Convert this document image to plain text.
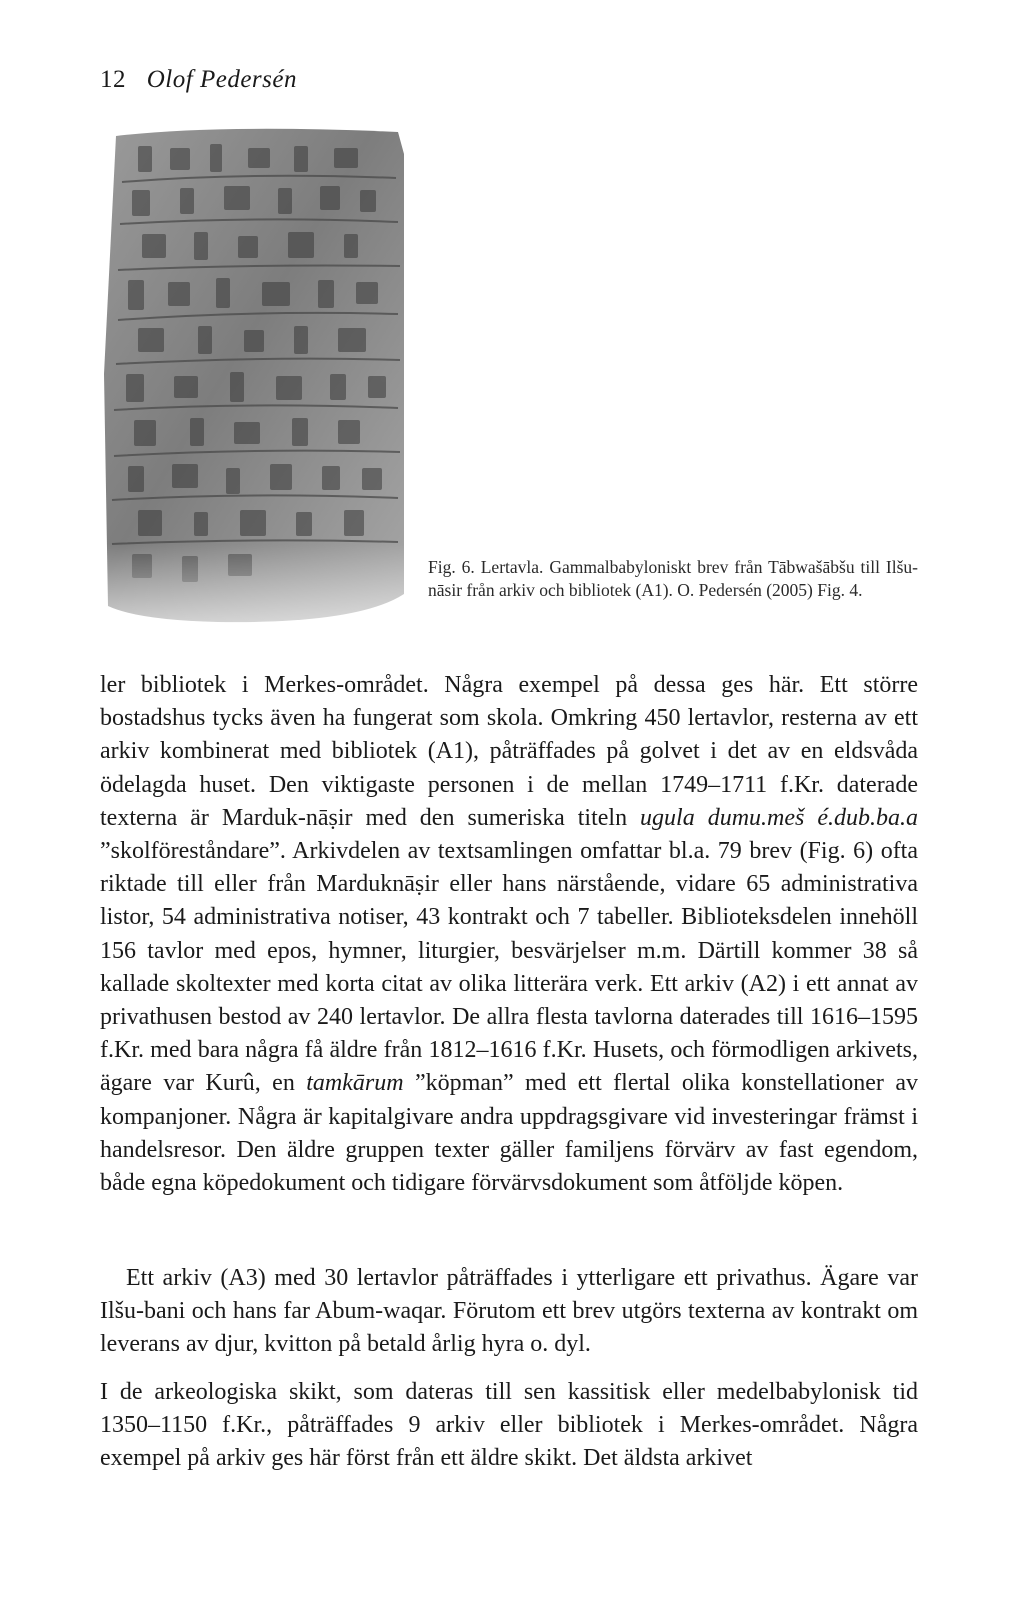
12 Olof Pedersén

Fig. 6. Lertavla. Gammalbabyloniskt brev från Tābwašābšu till Ilšu-nāsir från arkiv och bibliotek (A1). O. Pedersén (2005) Fig. 4.

ler bibliotek i Merkes-området. Några exempel på dessa ges här. Ett större bostadshus tycks även ha fungerat som skola. Omkring 450 lertavlor, resterna av ett arkiv kombinerat med bibliotek (A1), påträffades på golvet i det av en eldsvåda ödelagda huset. Den viktigaste personen i de mellan 1749–1711 f.Kr. daterade texterna är Marduk-nāṣir med den sumeriska titeln ugula dumu.meš é.dub.ba.a ”skolföreståndare”. Arkivdelen av textsamlingen omfattar bl.a. 79 brev (Fig. 6) ofta riktade till eller från Marduknāṣir eller hans närstående, vidare 65 administrativa listor, 54 administrativa notiser, 43 kontrakt och 7 tabeller. Biblioteksdelen innehöll 156 tavlor med epos, hymner, liturgier, besvärjelser m.m. Därtill kommer 38 så kallade skoltexter med korta citat av olika litterära verk. Ett arkiv (A2) i ett annat av privathusen bestod av 240 lertavlor. De allra flesta tavlorna daterades till 1616–1595 f.Kr. med bara några få äldre från 1812–1616 f.Kr. Husets, och förmodligen arkivets, ägare var Kurû, en tamkārum ”köpman” med ett flertal olika konstellationer av kompanjoner. Några är kapitalgivare andra uppdragsgivare vid investeringar främst i handelsresor. Den äldre gruppen texter gäller familjens förvärv av fast egendom, både egna köpedokument och tidigare förvärvsdokument som åtföljde köpen.

Ett arkiv (A3) med 30 lertavlor påträffades i ytterligare ett privathus. Ägare var Ilšu-bani och hans far Abum-waqar. Förutom ett brev utgörs texterna av kontrakt om leverans av djur, kvitton på betald årlig hyra o. dyl.

I de arkeologiska skikt, som dateras till sen kassitisk eller medelbabylonisk tid 1350–1150 f.Kr., påträffades 9 arkiv eller bibliotek i Merkes-området. Några exempel på arkiv ges här först från ett äldre skikt. Det äldsta arkivet
